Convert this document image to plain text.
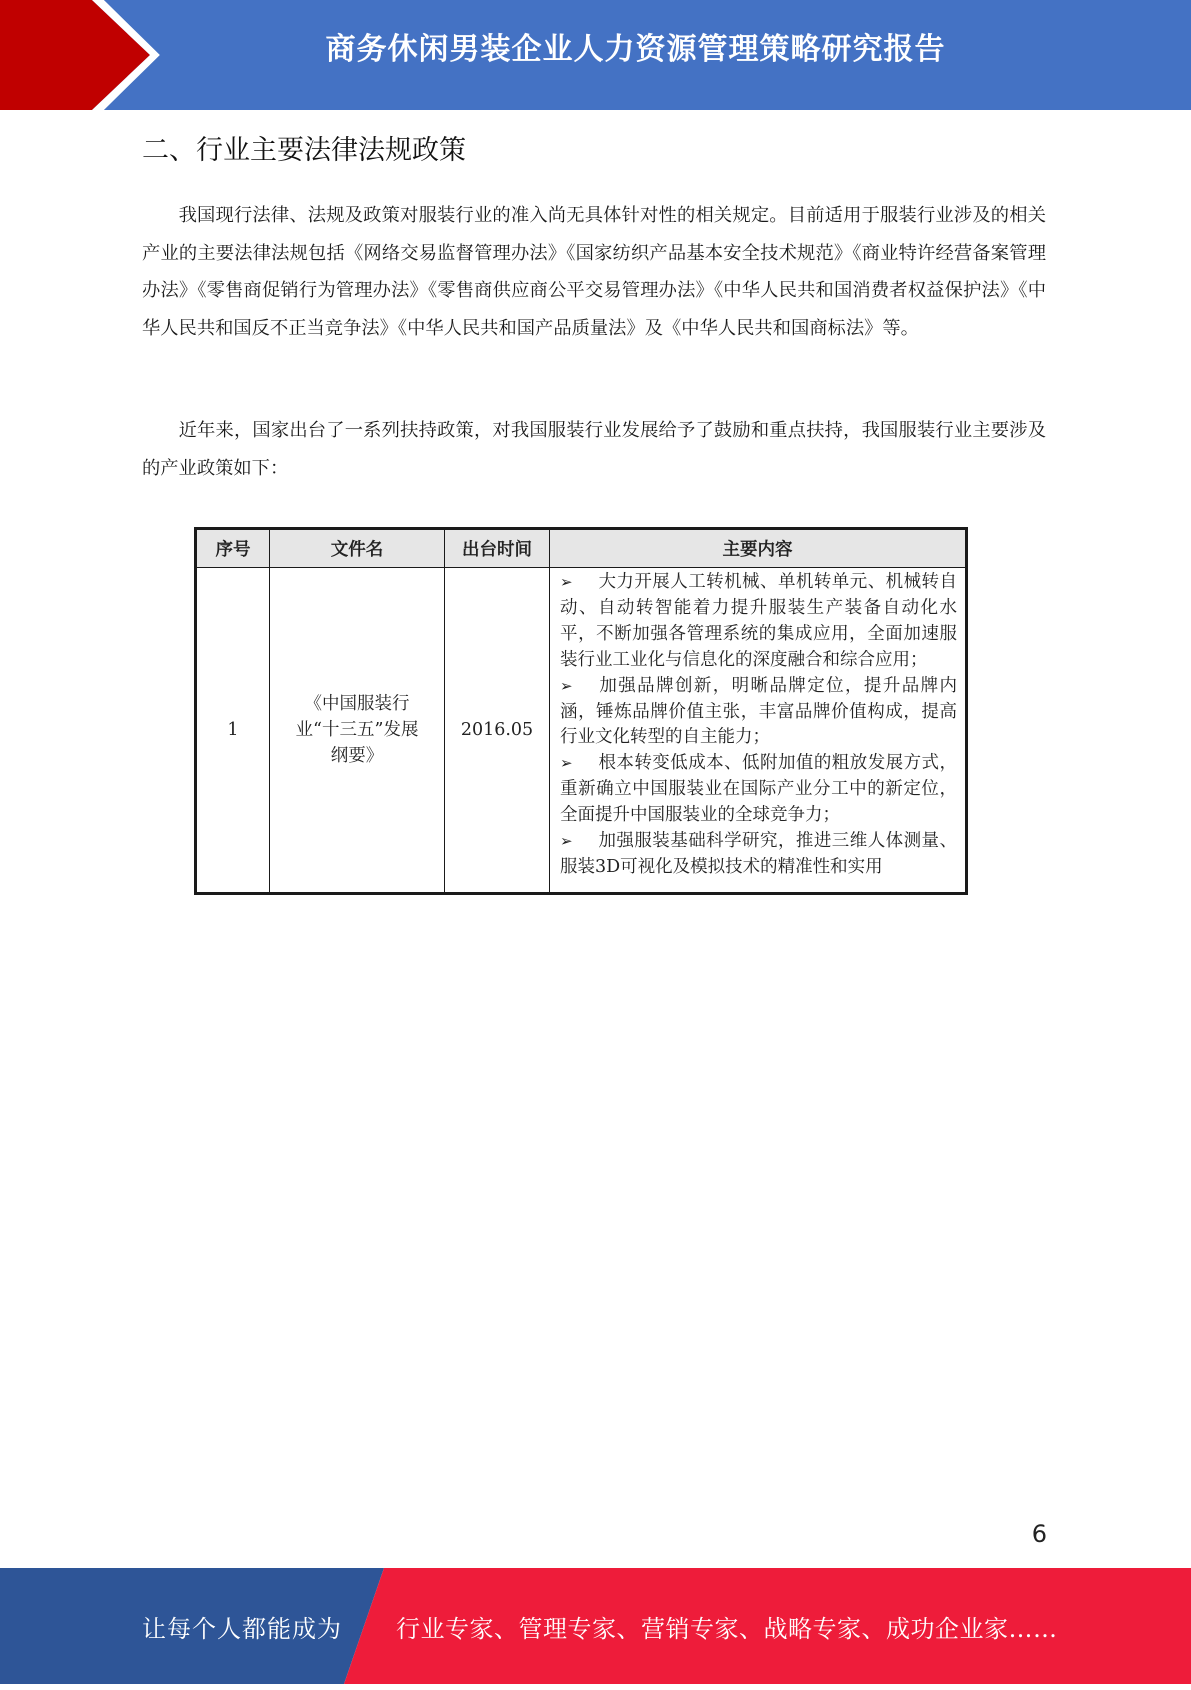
商务休闲男装企业人力资源管理策略研究报告
二、行业主要法律法规政策

我国现行法律、法规及政策对服装行业的准入尚无具体针对性的相关规定。目前适用于服装行业涉及的相关产业的主要法律法规包括《网络交易监督管理办法》《国家纺织产品基本安全技术规范》《商业特许经营备案管理办法》《零售商促销行为管理办法》《零售商供应商公平交易管理办法》《中华人民共和国消费者权益保护法》《中华人民共和国反不正当竞争法》《中华人民共和国产品质量法》及《中华人民共和国商标法》等。

近年来，国家出台了一系列扶持政策，对我国服装行业发展给予了鼓励和重点扶持，我国服装行业主要涉及的产业政策如下：

序号	文件名	出台时间	主要内容
1	《中国服装行业“十三五”发展纲要》	2016.05	➢ 大力开展人工转机械、单机转单元、机械转自动、自动转智能着力提升服装生产装备自动化水平，不断加强各管理系统的集成应用，全面加速服装行业工业化与信息化的深度融合和综合应用；
➢ 加强品牌创新，明晰品牌定位，提升品牌内涵，锤炼品牌价值主张，丰富品牌价值构成，提高行业文化转型的自主能力；
➢ 根本转变低成本、低附加值的粗放发展方式，重新确立中国服装业在国际产业分工中的新定位，全面提升中国服装业的全球竞争力；
➢ 加强服装基础科学研究，推进三维人体测量、服装3D可视化及模拟技术的精准性和实用
6
让每个人都能成为 行业专家、管理专家、营销专家、战略专家、成功企业家……
